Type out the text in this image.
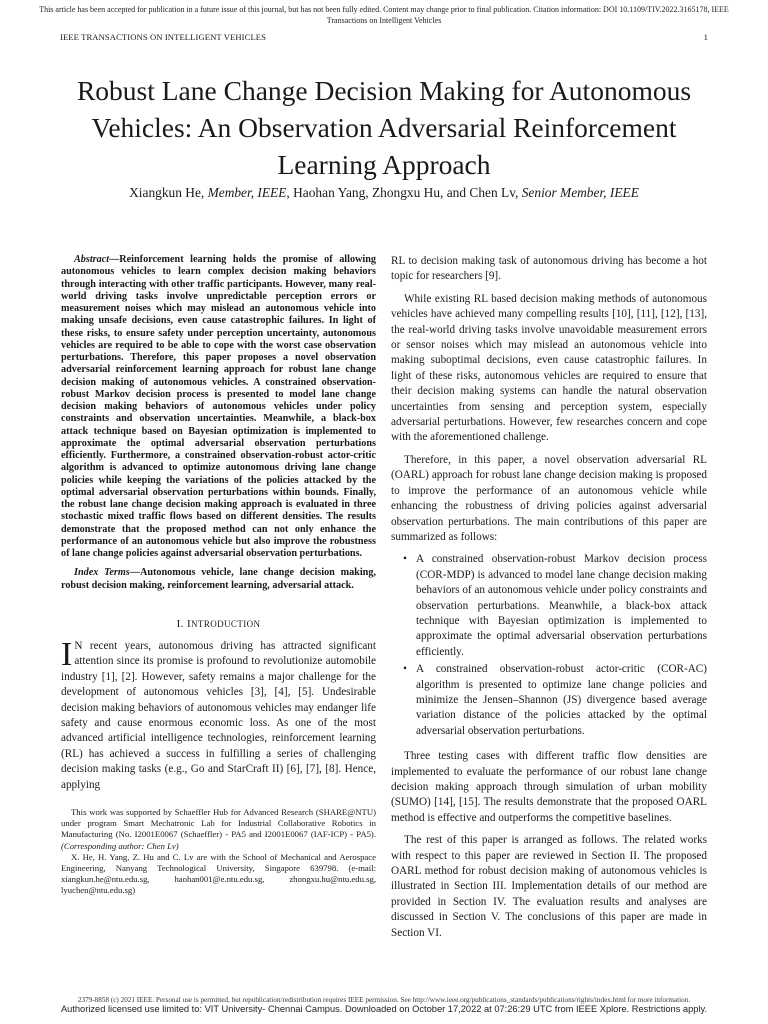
This article has been accepted for publication in a future issue of this journal, but has not been fully edited. Content may change prior to final publication. Citation information: DOI 10.1109/TIV.2022.3165178, IEEE Transactions on Intelligent Vehicles
IEEE TRANSACTIONS ON INTELLIGENT VEHICLES	1
Robust Lane Change Decision Making for Autonomous Vehicles: An Observation Adversarial Reinforcement Learning Approach
Xiangkun He, Member, IEEE, Haohan Yang, Zhongxu Hu, and Chen Lv, Senior Member, IEEE

Abstract—Reinforcement learning holds the promise of allowing autonomous vehicles to learn complex decision making behaviors through interacting with other traffic participants. However, many real-world driving tasks involve unpredictable perception errors or measurement noises which may mislead an autonomous vehicle into making unsafe decisions, even cause catastrophic failures. In light of these risks, to ensure safety under perception uncertainty, autonomous vehicles are required to be able to cope with the worst case observation perturbations. Therefore, this paper proposes a novel observation adversarial reinforcement learning approach for robust lane change decision making of autonomous vehicles. A constrained observation-robust Markov decision process is presented to model lane change decision making behaviors of autonomous vehicles under policy constraints and observation uncertainties. Meanwhile, a black-box attack technique based on Bayesian optimization is implemented to approximate the optimal adversarial observation perturbations efficiently. Furthermore, a constrained observation-robust actor-critic algorithm is advanced to optimize autonomous driving lane change policies while keeping the variations of the policies attacked by the optimal adversarial observation perturbations within bounds. Finally, the robust lane change decision making approach is evaluated in three stochastic mixed traffic flows based on different densities. The results demonstrate that the proposed method can not only enhance the performance of an autonomous vehicle but also improve the robustness of lane change policies against adversarial observation perturbations.

Index Terms—Autonomous vehicle, lane change decision making, robust decision making, reinforcement learning, adversarial attack.

I. INTRODUCTION

I N recent years, autonomous driving has attracted significant attention since its promise is profound to revolutionize automobile industry [1], [2]. However, safety remains a major challenge for the development of autonomous vehicles [3], [4], [5]. Undesirable decision making behaviors of autonomous vehicles may endanger life safety and cause enormous economic loss. As one of the most advanced artificial intelligence technologies, reinforcement learning (RL) has achieved a success in fulfilling a series of challenging decision making tasks (e.g., Go and StarCraft II) [6], [7], [8]. Hence, applying

This work was supported by Schaeffler Hub for Advanced Research (SHARE@NTU) under program Smart Mechatronic Lab for Industrial Collaborative Robotics in Manufacturing (No. I2001E0067 (Schaeffler) - PA5 and I2001E0067 (IAF-ICP) - PA5). (Corresponding author: Chen Lv)

X. He, H. Yang, Z. Hu and C. Lv are with the School of Mechanical and Aerospace Engineering, Nanyang Technological University, Singapore 639798. (e-mail: xiangkun.he@ntu.edu.sg, haohan001@e.ntu.edu.sg, zhongxu.hu@ntu.edu.sg, lyuchen@ntu.edu.sg)

RL to decision making task of autonomous driving has become a hot topic for researchers [9].

While existing RL based decision making methods of autonomous vehicles have achieved many compelling results [10], [11], [12], [13], the real-world driving tasks involve unavoidable measurement errors or sensor noises which may mislead an autonomous vehicle into making suboptimal decisions, even cause catastrophic failures. In light of these risks, autonomous vehicles are required to ensure that their decision making systems can handle the natural observation uncertainties from sensing and perception system, especially adversarial perturbations. However, few researches concern and cope with the aforementioned challenge.

Therefore, in this paper, a novel observation adversarial RL (OARL) approach for robust lane change decision making is proposed to improve the performance of an autonomous vehicle while enhancing the robustness of driving policies against adversarial observation perturbations. The main contributions of this paper are summarized as follows:

• A constrained observation-robust Markov decision process (COR-MDP) is advanced to model lane change decision making behaviors of an autonomous vehicle under policy constraints and observation perturbations. Meanwhile, a black-box attack technique with Bayesian optimization is implemented to approximate the optimal adversarial observation perturbations efficiently.
• A constrained observation-robust actor-critic (COR-AC) algorithm is presented to optimize lane change policies and minimize the Jensen–Shannon (JS) divergence based average variation distance of the policies attacked by the optimal adversarial observation perturbations.

Three testing cases with different traffic flow densities are implemented to evaluate the performance of our robust lane change decision making approach through simulation of urban mobility (SUMO) [14], [15]. The results demonstrate that the proposed OARL method is effective and outperforms the competitive baselines.

The rest of this paper is arranged as follows. The related works with respect to this paper are reviewed in Section II. The proposed OARL method for robust decision making of autonomous vehicles is illustrated in Section III. Implementation details of our method are provided in Section IV. The evaluation results and analyses are discussed in Section V. The conclusions of this paper are made in Section VI.

2379-8858 (c) 2021 IEEE. Personal use is permitted, but republication/redistribution requires IEEE permission. See http://www.ieee.org/publications_standards/publications/rights/index.html for more information.
Authorized licensed use limited to: VIT University- Chennai Campus. Downloaded on October 17,2022 at 07:26:29 UTC from IEEE Xplore. Restrictions apply.
